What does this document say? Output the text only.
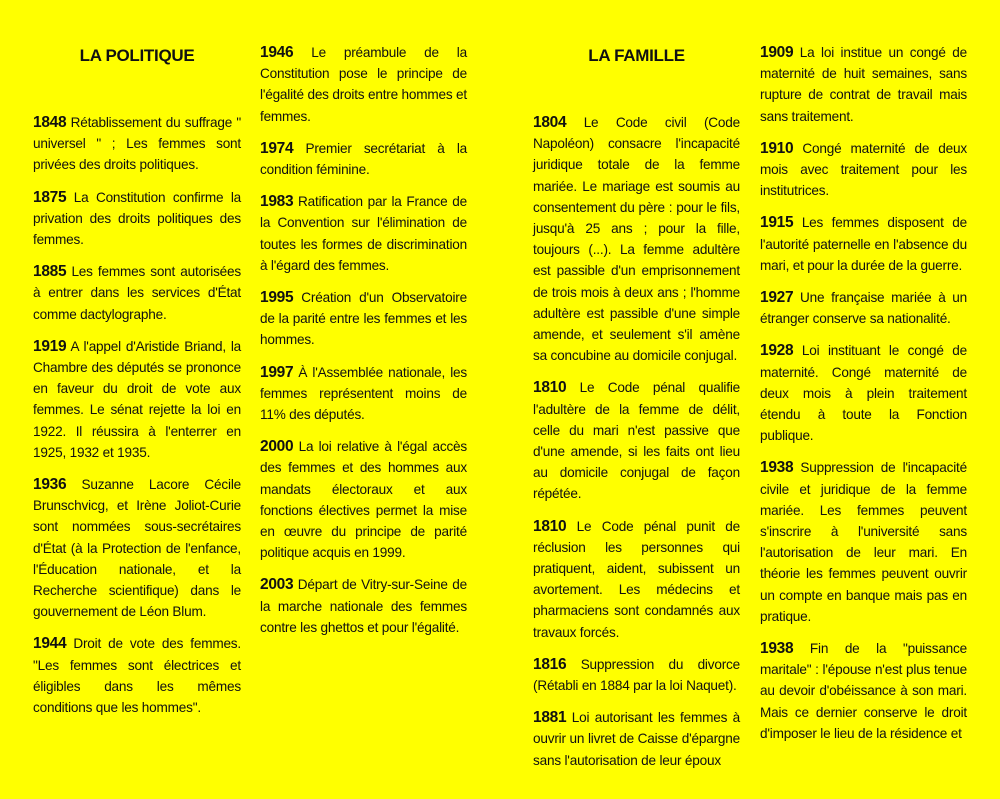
LA POLITIQUE

1848 Rétablissement du suffrage " universel " ; Les femmes sont privées des droits politiques.

1875 La Constitution confirme la privation des droits politiques des femmes.

1885 Les femmes sont autorisées à entrer dans les services d'État comme dactylographe.

1919 A l'appel d'Aristide Briand, la Chambre des députés se prononce en faveur du droit de vote aux femmes. Le sénat rejette la loi en 1922. Il réussira à l'enterrer en 1925, 1932 et 1935.

1936 Suzanne Lacore Cécile Brunschvicg, et Irène Joliot-Curie sont nommées sous-secrétaires d'État (à la Protection de l'enfance, l'Éducation nationale, et la Recherche scientifique) dans le gouvernement de Léon Blum.

1944 Droit de vote des femmes. "Les femmes sont électrices et éligibles dans les mêmes conditions que les hommes".

1946 Le préambule de la Constitution pose le principe de l'égalité des droits entre hommes et femmes.

1974 Premier secrétariat à la condition féminine.

1983 Ratification par la France de la Convention sur l'élimination de toutes les formes de discrimination à l'égard des femmes.

1995 Création d'un Observatoire de la parité entre les femmes et les hommes.

1997 À l'Assemblée nationale, les femmes représentent moins de 11% des députés.

2000 La loi relative à l'égal accès des femmes et des hommes aux mandats électoraux et aux fonctions électives permet la mise en œuvre du principe de parité politique acquis en 1999.

2003 Départ de Vitry-sur-Seine de la marche nationale des femmes contre les ghettos et pour l'égalité.

LA FAMILLE

1804 Le Code civil (Code Napoléon) consacre l'incapacité juridique totale de la femme mariée. Le mariage est soumis au consentement du père : pour le fils, jusqu'à 25 ans ; pour la fille, toujours (...). La femme adultère est passible d'un emprisonnement de trois mois à deux ans ; l'homme adultère est passible d'une simple amende, et seulement s'il amène sa concubine au domicile conjugal.

1810 Le Code pénal qualifie l'adultère de la femme de délit, celle du mari n'est passive que d'une amende, si les faits ont lieu au domicile conjugal de façon répétée.

1810 Le Code pénal punit de réclusion les personnes qui pratiquent, aident, subissent un avortement. Les médecins et pharmaciens sont condamnés aux travaux forcés.

1816 Suppression du divorce (Rétabli en 1884 par la loi Naquet).

1881 Loi autorisant les femmes à ouvrir un livret de Caisse d'épargne sans l'autorisation de leur époux

1909 La loi institue un congé de maternité de huit semaines, sans rupture de contrat de travail mais sans traitement.

1910 Congé maternité de deux mois avec traitement pour les institutrices.

1915 Les femmes disposent de l'autorité paternelle en l'absence du mari, et pour la durée de la guerre.

1927 Une française mariée à un étranger conserve sa nationalité.

1928 Loi instituant le congé de maternité. Congé maternité de deux mois à plein traitement étendu à toute la Fonction publique.

1938 Suppression de l'incapacité civile et juridique de la femme mariée. Les femmes peuvent s'inscrire à l'université sans l'autorisation de leur mari. En théorie les femmes peuvent ouvrir un compte en banque mais pas en pratique.

1938 Fin de la "puissance maritale" : l'épouse n'est plus tenue au devoir d'obéissance à son mari. Mais ce dernier conserve le droit d'imposer le lieu de la résidence et
